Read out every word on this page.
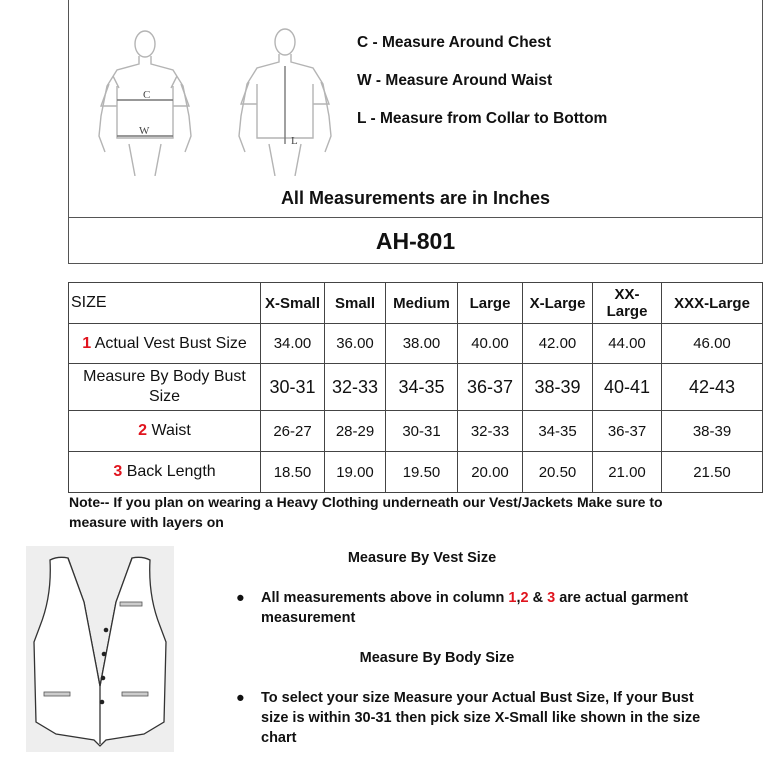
C
W
L
C - Measure Around Chest
W - Measure Around Waist
L - Measure from Collar to Bottom
All Measurements are in Inches
AH-801
SIZE	X-Small	Small	Medium	Large	X-Large	XX-Large	XXX-Large
1 Actual Vest Bust Size	34.00	36.00	38.00	40.00	42.00	44.00	46.00
Measure By Body Bust Size	30-31	32-33	34-35	36-37	38-39	40-41	42-43
2 Waist	26-27	28-29	30-31	32-33	34-35	36-37	38-39
3 Back Length	18.50	19.00	19.50	20.00	20.50	21.00	21.50
Note-- If you plan on wearing a Heavy Clothing underneath our Vest/Jackets Make sure to measure with layers on
Measure By Vest Size
● All measurements above in column 1,2 & 3 are actual garment measurement
Measure By Body Size
● To select your size Measure your Actual Bust Size, If your Bust size is within 30-31 then pick size X-Small like shown in the size chart
